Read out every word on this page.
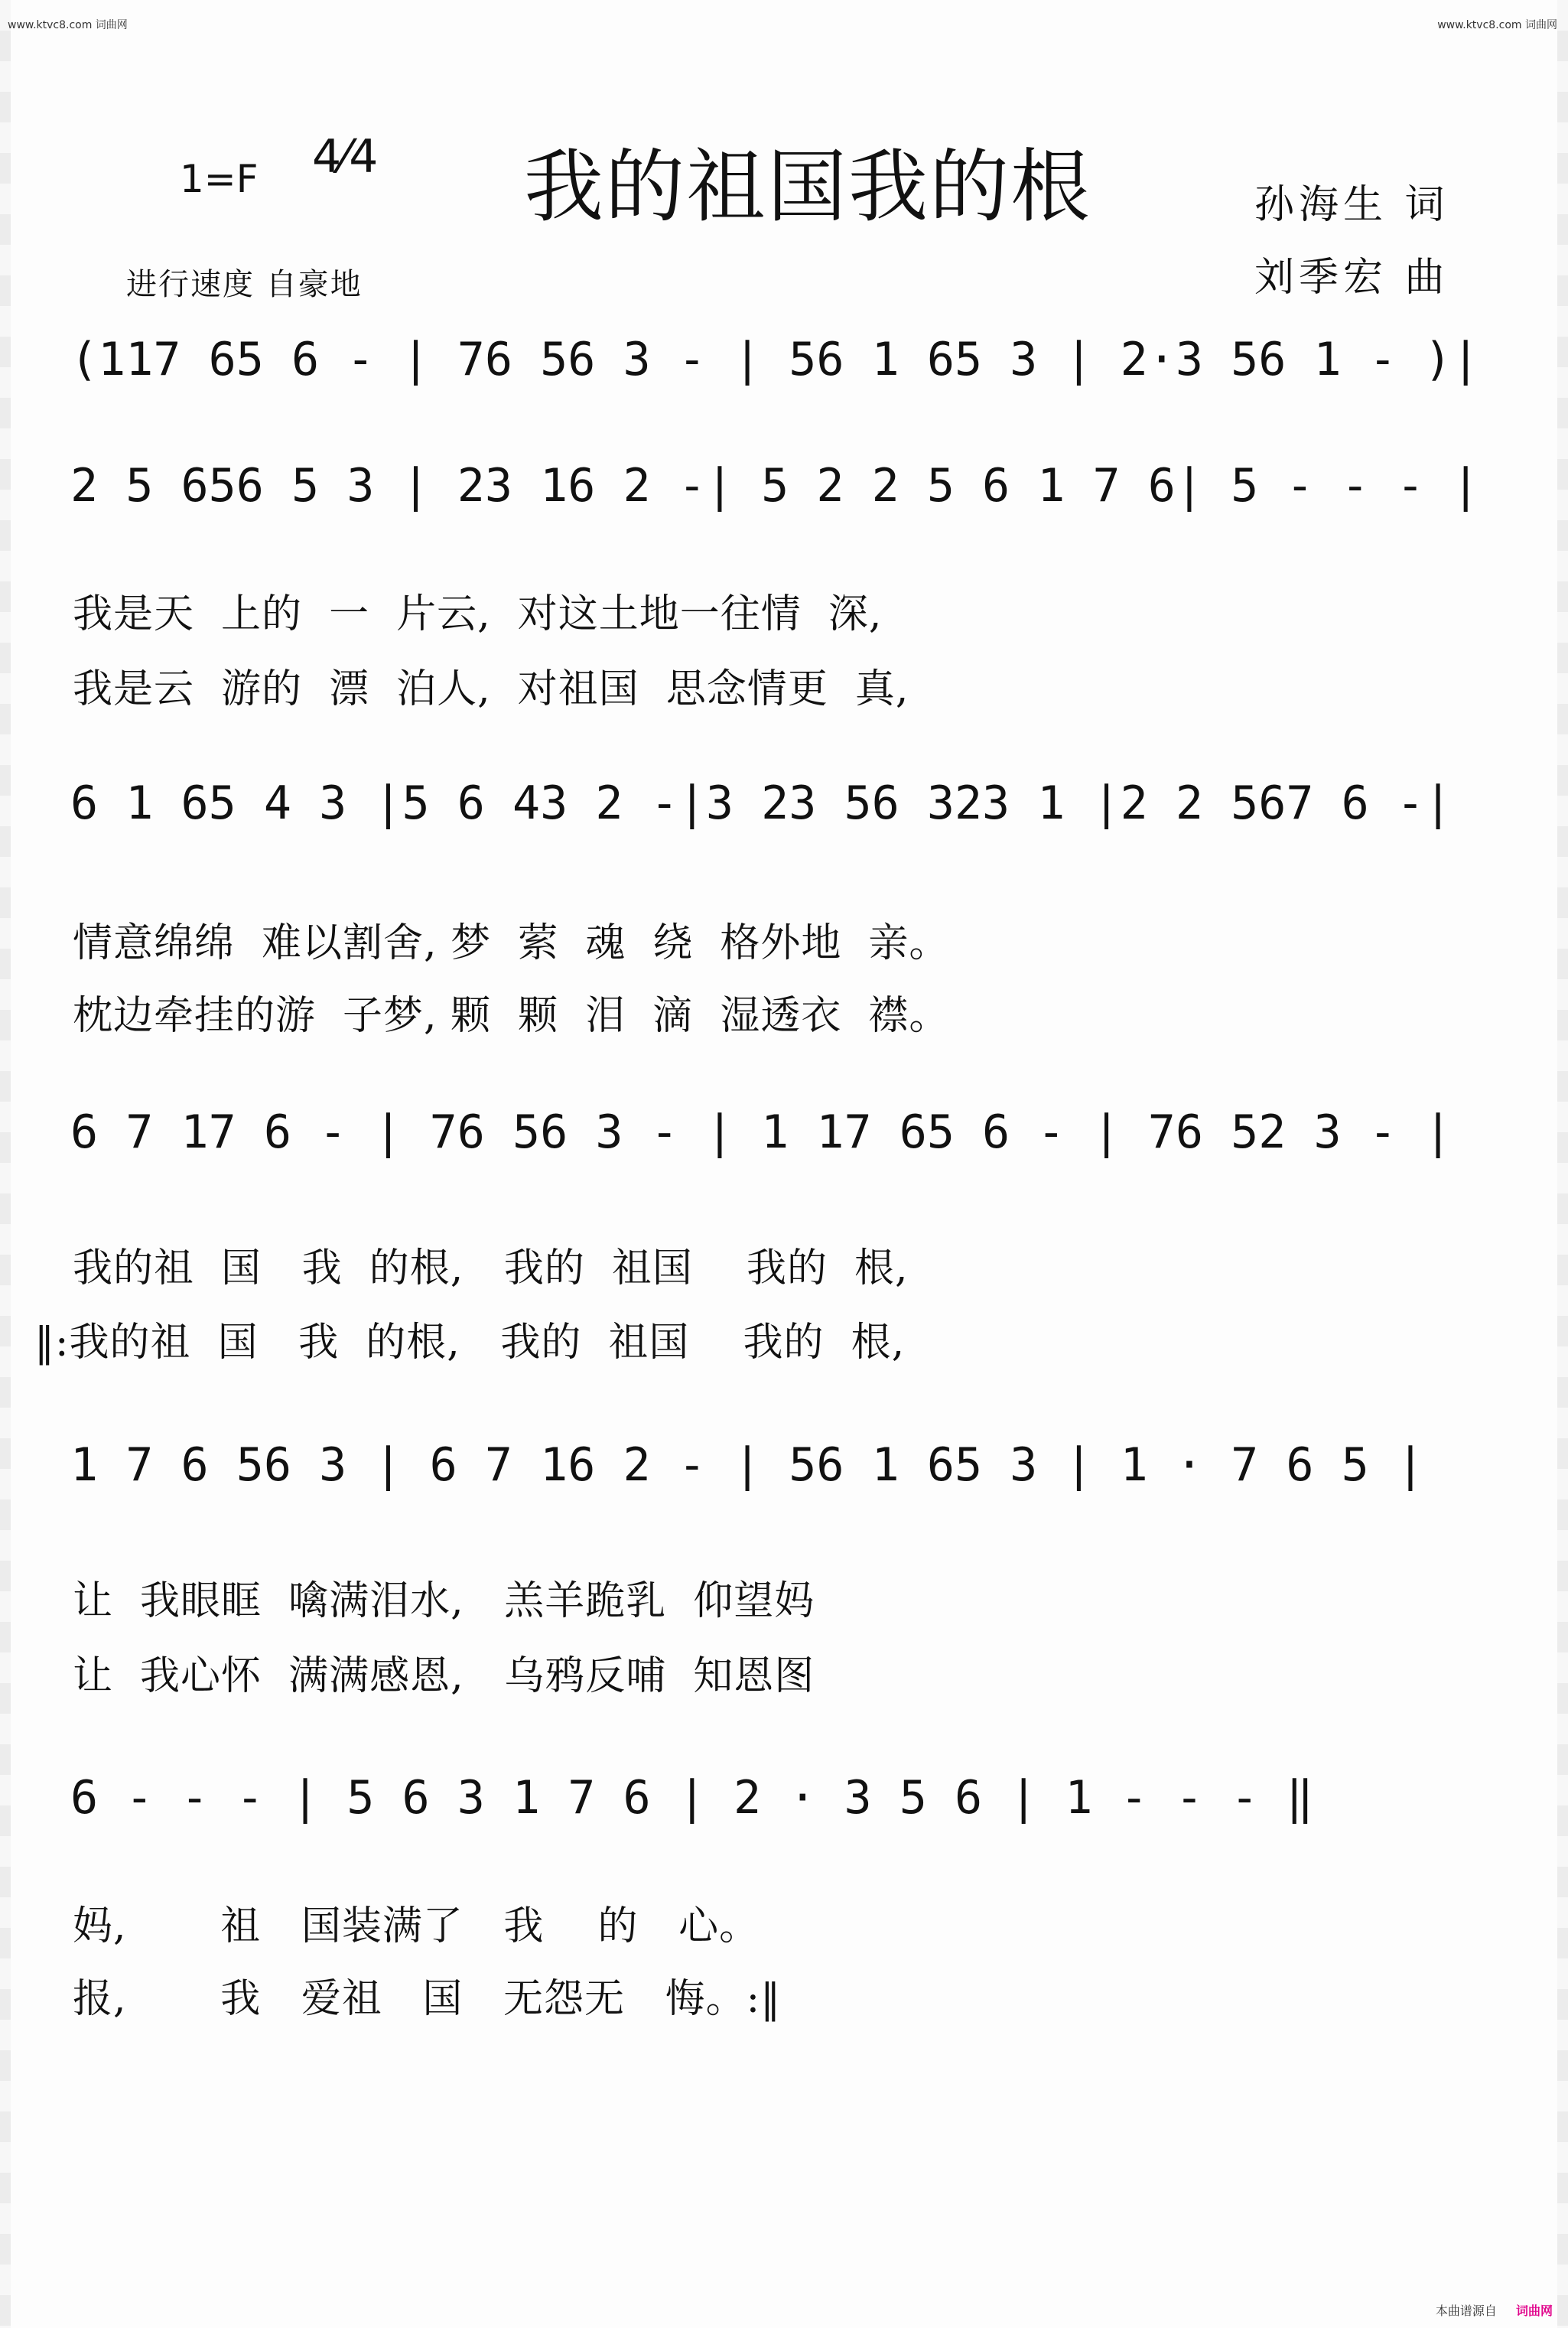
www.ktvc8.com 词曲网	www.ktvc8.com 词曲网
1=F 4⁄4 我的祖国我的根	孙海生 词
刘季宏 曲
进行速度 自豪地
(117 65 6 - | 76 56 3 - | 56 1 65 3 | 2·3 56 1 - )|
2 5 656 5 3 | 23 16 2 -| 5 2 2 5 6 1 7 6| 5 - - - |
我是天  上的  一  片云,  对这土地一往情  深,
我是云  游的  漂  泊人,  对祖国  思念情更  真,
6 1 65 4 3 |5 6 43 2 -|3 23 56 323 1 |2 2 567 6 -|
情意绵绵  难以割舍, 梦  萦  魂  绕  格外地  亲。
枕边牵挂的游  子梦, 颗  颗  泪  滴  湿透衣  襟。
6 7 17 6 - | 76 56 3 - | 1 17 65 6 - | 76 52 3 - |
我的祖  国   我  的根,   我的  祖国    我的  根,
‖:我的祖  国   我  的根,   我的  祖国    我的  根,
1 7 6 56 3 | 6 7 16 2 - | 56 1 65 3 | 1 · 7 6 5 |
让  我眼眶  噙满泪水,   羔羊跪乳  仰望妈
让  我心怀  满满感恩,   乌鸦反哺  知恩图
6 - - - | 5 6 3 1 7 6 | 2 · 3 5 6 | 1 - - - ‖
妈,       祖   国装满了   我    的   心。
报,       我   爱祖   国   无怨无   悔。:‖
本曲谱源自 词曲网
